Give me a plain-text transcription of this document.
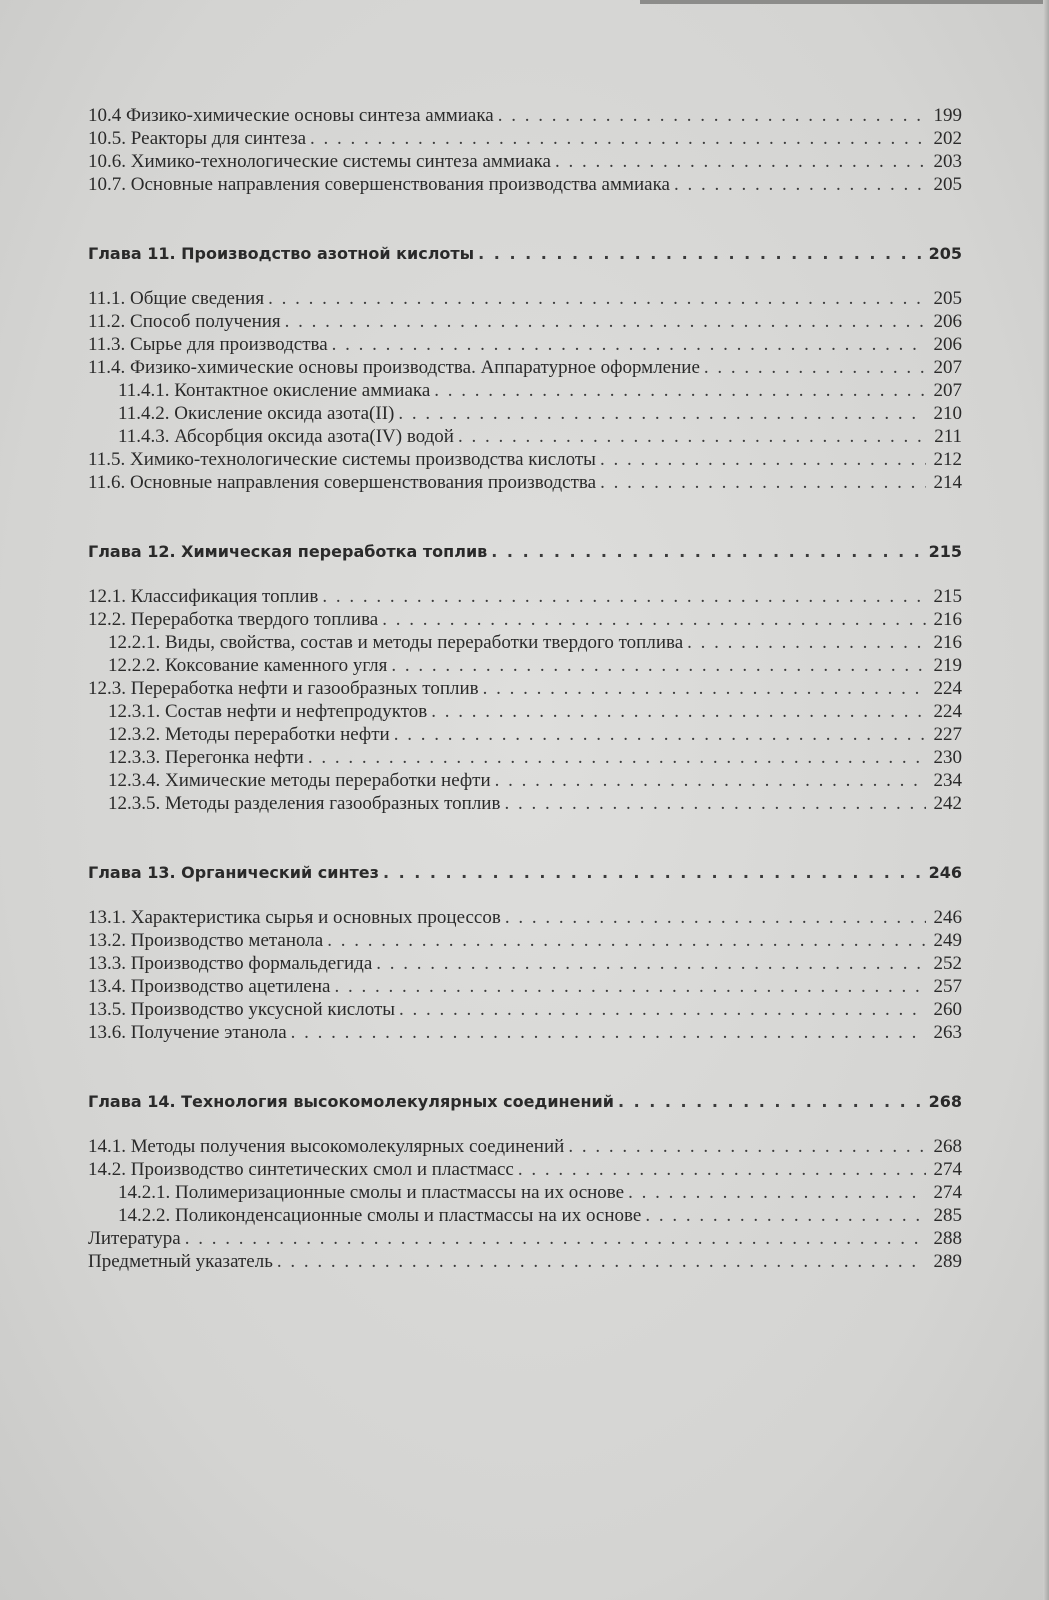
10.4 Физико-химические основы синтеза аммиака . . .	199
10.5. Реакторы для синтеза . . .	202
10.6. Химико-технологические системы синтеза аммиака . . .	203
10.7. Основные направления совершенствования производства аммиака . . .	205
Глава 11. Производство азотной кислоты . . .	205
11.1. Общие сведения . . .	205
11.2. Способ получения . . .	206
11.3. Сырье для производства . . .	206
11.4. Физико-химические основы производства. Аппаратурное оформление . . .	207
11.4.1. Контактное окисление аммиака . . .	207
11.4.2. Окисление оксида азота(II) . . .	210
11.4.3. Абсорбция оксида азота(IV) водой . . .	211
11.5. Химико-технологические системы производства кислоты . . .	212
11.6. Основные направления совершенствования производства . . .	214
Глава 12. Химическая переработка топлив . . .	215
12.1. Классификация топлив . . .	215
12.2. Переработка твердого топлива . . .	216
12.2.1. Виды, свойства, состав и методы переработки твердого топлива . . .	216
12.2.2. Коксование каменного угля . . .	219
12.3. Переработка нефти и газообразных топлив . . .	224
12.3.1. Состав нефти и нефтепродуктов . . .	224
12.3.2. Методы переработки нефти . . .	227
12.3.3. Перегонка нефти . . .	230
12.3.4. Химические методы переработки нефти . . .	234
12.3.5. Методы разделения газообразных топлив . . .	242
Глава 13. Органический синтез . . .	246
13.1. Характеристика сырья и основных процессов . . .	246
13.2. Производство метанола . . .	249
13.3. Производство формальдегида . . .	252
13.4. Производство ацетилена . . .	257
13.5. Производство уксусной кислоты . . .	260
13.6. Получение этанола . . .	263
Глава 14. Технология высокомолекулярных соединений . . .	268
14.1. Методы получения высокомолекулярных соединений . . .	268
14.2. Производство синтетических смол и пластмасс . . .	274
14.2.1. Полимеризационные смолы и пластмассы на их основе . . .	274
14.2.2. Поликонденсационные смолы и пластмассы на их основе . . .	285
Литература . . .	288
Предметный указатель . . .	289
